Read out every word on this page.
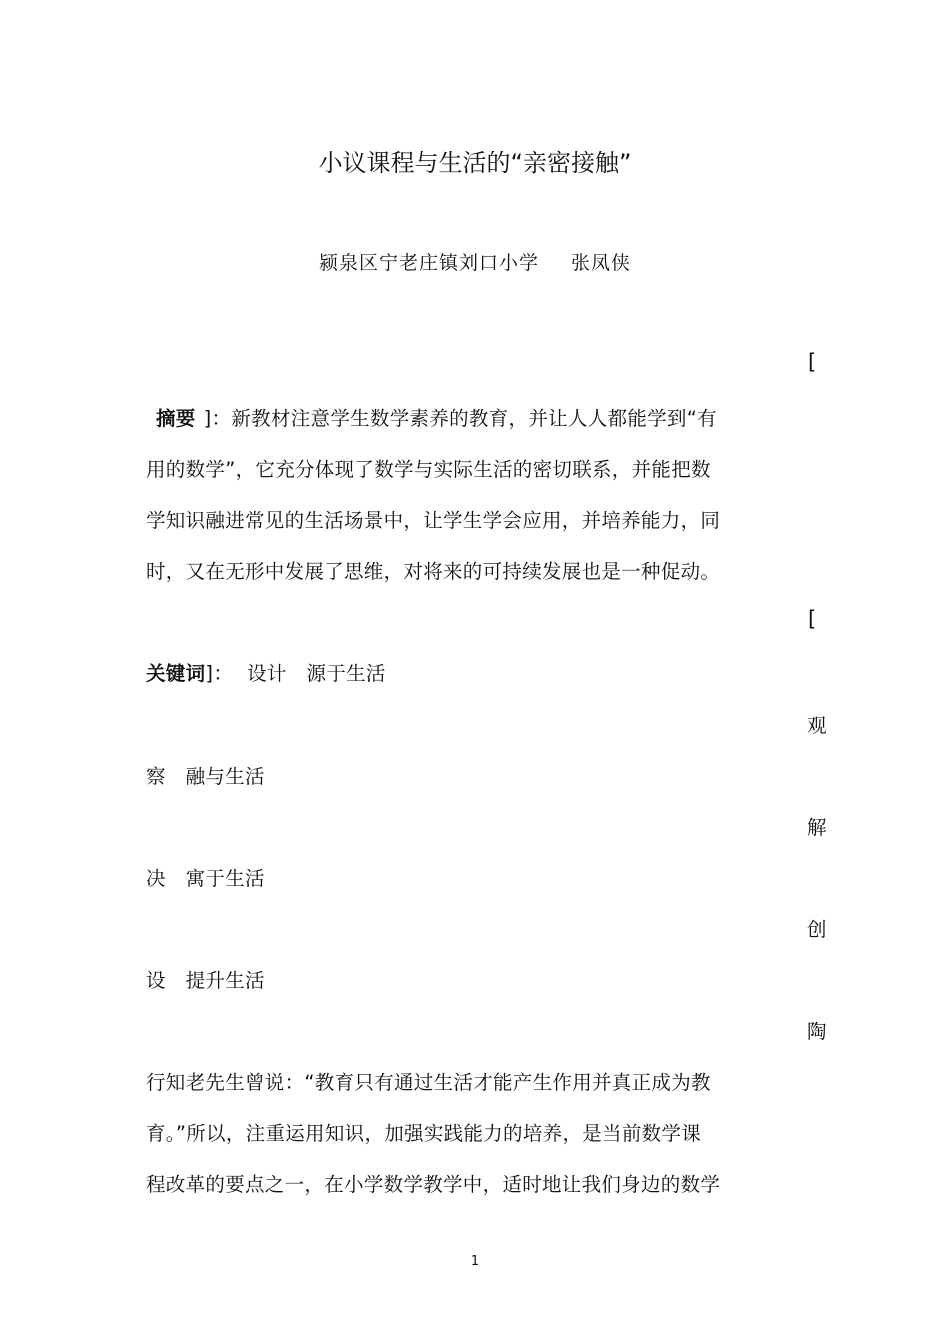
小议课程与生活的“亲密接触”
颍泉区宁老庄镇刘口小学 张凤侠
[
摘要 ]：新教材注意学生数学素养的教育，并让人人都能学到“有
用的数学”，它充分体现了数学与实际生活的密切联系，并能把数
学知识融进常见的生活场景中，让学生学会应用，并培养能力，同
时，又在无形中发展了思维，对将来的可持续发展也是一种促动。
[
关键词]： 设计　源于生活
观
察　融与生活
解
决　寓于生活
创
设　提升生活
陶
行知老先生曾说：“教育只有通过生活才能产生作用并真正成为教
育。”所以，注重运用知识，加强实践能力的培养，是当前数学课
程改革的要点之一，在小学数学教学中，适时地让我们身边的数学
1
